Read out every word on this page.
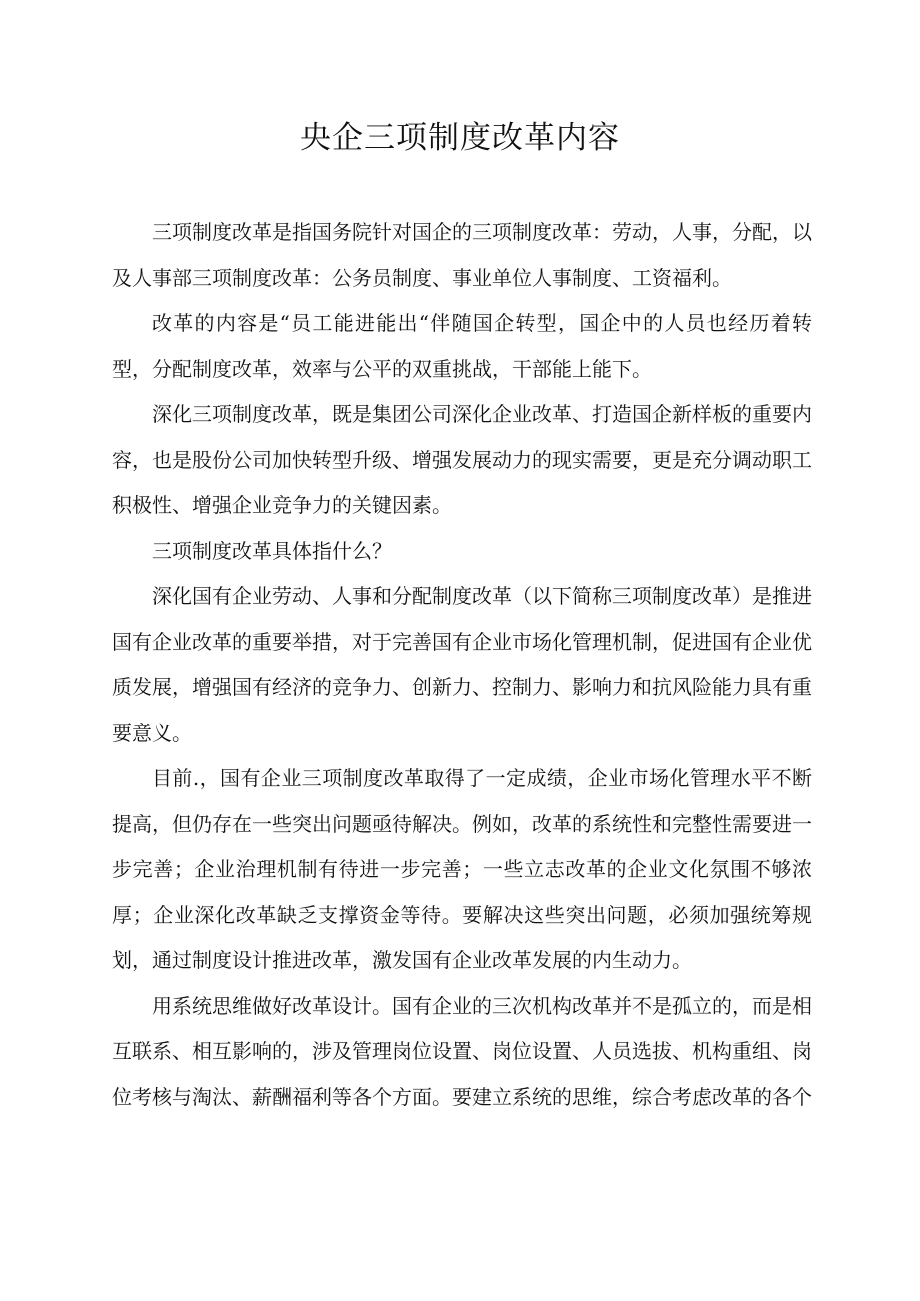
央企三项制度改革内容

三项制度改革是指国务院针对国企的三项制度改革：劳动，人事，分配，以及人事部三项制度改革：公务员制度、事业单位人事制度、工资福利。

改革的内容是“员工能进能出“伴随国企转型，国企中的人员也经历着转型，分配制度改革，效率与公平的双重挑战，干部能上能下。

深化三项制度改革，既是集团公司深化企业改革、打造国企新样板的重要内容，也是股份公司加快转型升级、增强发展动力的现实需要，更是充分调动职工积极性、增强企业竞争力的关键因素。

三项制度改革具体指什么？

深化国有企业劳动、人事和分配制度改革（以下简称三项制度改革）是推进国有企业改革的重要举措，对于完善国有企业市场化管理机制，促进国有企业优质发展，增强国有经济的竞争力、创新力、控制力、影响力和抗风险能力具有重要意义。

目前.，国有企业三项制度改革取得了一定成绩，企业市场化管理水平不断提高，但仍存在一些突出问题亟待解决。例如，改革的系统性和完整性需要进一步完善；企业治理机制有待进一步完善；一些立志改革的企业文化氛围不够浓厚；企业深化改革缺乏支撑资金等待。要解决这些突出问题，必须加强统筹规划，通过制度设计推进改革，激发国有企业改革发展的内生动力。

用系统思维做好改革设计。国有企业的三次机构改革并不是孤立的，而是相互联系、相互影响的，涉及管理岗位设置、岗位设置、人员选拔、机构重组、岗位考核与淘汰、薪酬福利等各个方面。要建立系统的思维，综合考虑改革的各个
